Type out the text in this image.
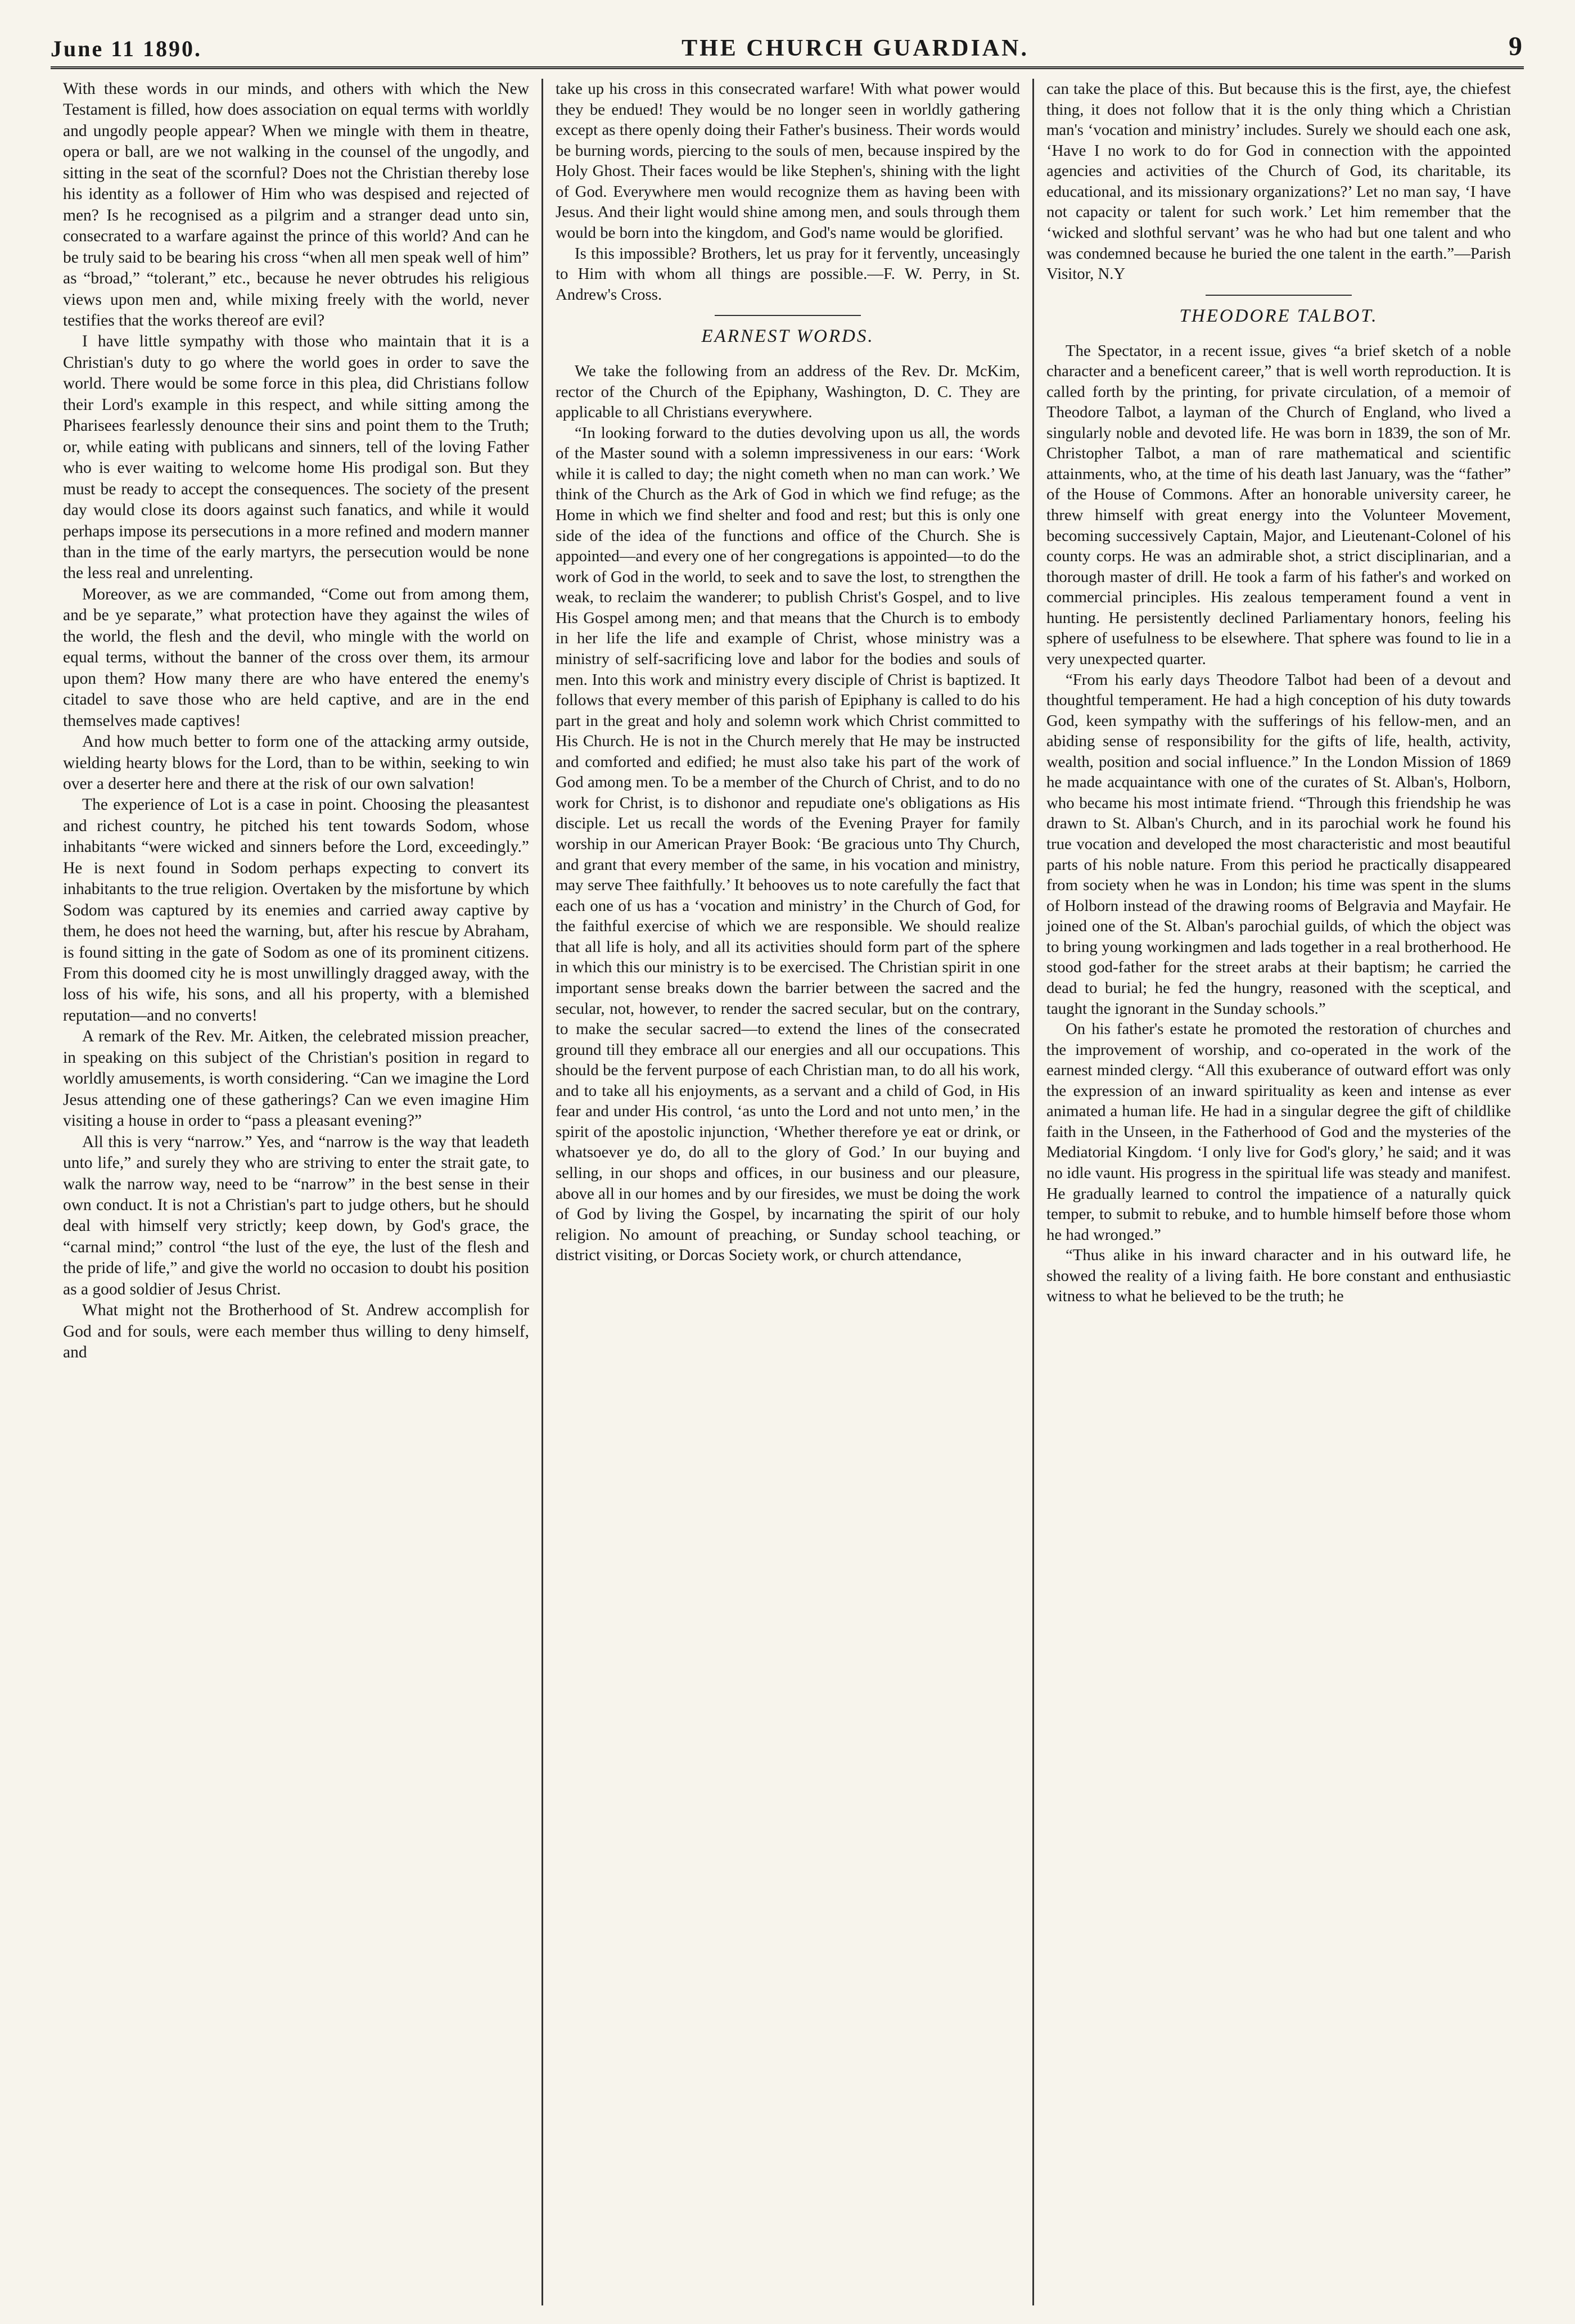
June 11 1890.	THE CHURCH GUARDIAN.	9

With these words in our minds, and others with which the New Testament is filled, how does association on equal terms with worldly and ungodly people appear? When we mingle with them in theatre, opera or ball, are we not walking in the counsel of the ungodly, and sitting in the seat of the scornful? Does not the Christian thereby lose his identity as a follower of Him who was despised and rejected of men? Is he recognised as a pilgrim and a stranger dead unto sin, consecrated to a warfare against the prince of this world? And can he be truly said to be bearing his cross “when all men speak well of him” as “broad,” “tolerant,” etc., because he never obtrudes his religious views upon men and, while mixing freely with the world, never testifies that the works thereof are evil?

I have little sympathy with those who maintain that it is a Christian's duty to go where the world goes in order to save the world. There would be some force in this plea, did Christians follow their Lord's example in this respect, and while sitting among the Pharisees fearlessly denounce their sins and point them to the Truth; or, while eating with publicans and sinners, tell of the loving Father who is ever waiting to welcome home His prodigal son. But they must be ready to accept the consequences. The society of the present day would close its doors against such fanatics, and while it would perhaps impose its persecutions in a more refined and modern manner than in the time of the early martyrs, the persecution would be none the less real and unrelenting.

Moreover, as we are commanded, “Come out from among them, and be ye separate,” what protection have they against the wiles of the world, the flesh and the devil, who mingle with the world on equal terms, without the banner of the cross over them, its armour upon them? How many there are who have entered the enemy's citadel to save those who are held captive, and are in the end themselves made captives!

And how much better to form one of the attacking army outside, wielding hearty blows for the Lord, than to be within, seeking to win over a deserter here and there at the risk of our own salvation!

The experience of Lot is a case in point. Choosing the pleasantest and richest country, he pitched his tent towards Sodom, whose inhabitants “were wicked and sinners before the Lord, exceedingly.” He is next found in Sodom perhaps expecting to convert its inhabitants to the true religion. Overtaken by the misfortune by which Sodom was captured by its enemies and carried away captive by them, he does not heed the warning, but, after his rescue by Abraham, is found sitting in the gate of Sodom as one of its prominent citizens. From this doomed city he is most unwillingly dragged away, with the loss of his wife, his sons, and all his property, with a blemished reputation—and no converts!

A remark of the Rev. Mr. Aitken, the celebrated mission preacher, in speaking on this subject of the Christian's position in regard to worldly amusements, is worth considering. “Can we imagine the Lord Jesus attending one of these gatherings? Can we even imagine Him visiting a house in order to “pass a pleasant evening?”

All this is very “narrow.” Yes, and “narrow is the way that leadeth unto life,” and surely they who are striving to enter the strait gate, to walk the narrow way, need to be “narrow” in the best sense in their own conduct. It is not a Christian's part to judge others, but he should deal with himself very strictly; keep down, by God's grace, the “carnal mind;” control “the lust of the eye, the lust of the flesh and the pride of life,” and give the world no occasion to doubt his position as a good soldier of Jesus Christ.

What might not the Brotherhood of St. Andrew accomplish for God and for souls, were each member thus willing to deny himself, and

take up his cross in this consecrated warfare! With what power would they be endued! They would be no longer seen in worldly gathering except as there openly doing their Father's business. Their words would be burning words, piercing to the souls of men, because inspired by the Holy Ghost. Their faces would be like Stephen's, shining with the light of God. Everywhere men would recognize them as having been with Jesus. And their light would shine among men, and souls through them would be born into the kingdom, and God's name would be glorified.

Is this impossible? Brothers, let us pray for it fervently, unceasingly to Him with whom all things are possible.—F. W. Perry, in St. Andrew's Cross.

EARNEST WORDS.

We take the following from an address of the Rev. Dr. McKim, rector of the Church of the Epiphany, Washington, D. C. They are applicable to all Christians everywhere.

“In looking forward to the duties devolving upon us all, the words of the Master sound with a solemn impressiveness in our ears: ‘Work while it is called to day; the night cometh when no man can work.’ We think of the Church as the Ark of God in which we find refuge; as the Home in which we find shelter and food and rest; but this is only one side of the idea of the functions and office of the Church. She is appointed—and every one of her congregations is appointed—to do the work of God in the world, to seek and to save the lost, to strengthen the weak, to reclaim the wanderer; to publish Christ's Gospel, and to live His Gospel among men; and that means that the Church is to embody in her life the life and example of Christ, whose ministry was a ministry of self-sacrificing love and labor for the bodies and souls of men. Into this work and ministry every disciple of Christ is baptized. It follows that every member of this parish of Epiphany is called to do his part in the great and holy and solemn work which Christ committed to His Church. He is not in the Church merely that He may be instructed and comforted and edified; he must also take his part of the work of God among men. To be a member of the Church of Christ, and to do no work for Christ, is to dishonor and repudiate one's obligations as His disciple. Let us recall the words of the Evening Prayer for family worship in our American Prayer Book: ‘Be gracious unto Thy Church, and grant that every member of the same, in his vocation and ministry, may serve Thee faithfully.’ It behooves us to note carefully the fact that each one of us has a ‘vocation and ministry’ in the Church of God, for the faithful exercise of which we are responsible. We should realize that all life is holy, and all its activities should form part of the sphere in which this our ministry is to be exercised. The Christian spirit in one important sense breaks down the barrier between the sacred and the secular, not, however, to render the sacred secular, but on the contrary, to make the secular sacred—to extend the lines of the consecrated ground till they embrace all our energies and all our occupations. This should be the fervent purpose of each Christian man, to do all his work, and to take all his enjoyments, as a servant and a child of God, in His fear and under His control, ‘as unto the Lord and not unto men,’ in the spirit of the apostolic injunction, ‘Whether therefore ye eat or drink, or whatsoever ye do, do all to the glory of God.’ In our buying and selling, in our shops and offices, in our business and our pleasure, above all in our homes and by our firesides, we must be doing the work of God by living the Gospel, by incarnating the spirit of our holy religion. No amount of preaching, or Sunday school teaching, or district visiting, or Dorcas Society work, or church attendance,

can take the place of this. But because this is the first, aye, the chiefest thing, it does not follow that it is the only thing which a Christian man's ‘vocation and ministry’ includes. Surely we should each one ask, ‘Have I no work to do for God in connection with the appointed agencies and activities of the Church of God, its charitable, its educational, and its missionary organizations?’ Let no man say, ‘I have not capacity or talent for such work.’ Let him remember that the ‘wicked and slothful servant’ was he who had but one talent and who was condemned because he buried the one talent in the earth.”—Parish Visitor, N.Y

THEODORE TALBOT.

The Spectator, in a recent issue, gives “a brief sketch of a noble character and a beneficent career,” that is well worth reproduction. It is called forth by the printing, for private circulation, of a memoir of Theodore Talbot, a layman of the Church of England, who lived a singularly noble and devoted life. He was born in 1839, the son of Mr. Christopher Talbot, a man of rare mathematical and scientific attainments, who, at the time of his death last January, was the “father” of the House of Commons. After an honorable university career, he threw himself with great energy into the Volunteer Movement, becoming successively Captain, Major, and Lieutenant-Colonel of his county corps. He was an admirable shot, a strict disciplinarian, and a thorough master of drill. He took a farm of his father's and worked on commercial principles. His zealous temperament found a vent in hunting. He persistently declined Parliamentary honors, feeling his sphere of usefulness to be elsewhere. That sphere was found to lie in a very unexpected quarter.

“From his early days Theodore Talbot had been of a devout and thoughtful temperament. He had a high conception of his duty towards God, keen sympathy with the sufferings of his fellow-men, and an abiding sense of responsibility for the gifts of life, health, activity, wealth, position and social influence.” In the London Mission of 1869 he made acquaintance with one of the curates of St. Alban's, Holborn, who became his most intimate friend. “Through this friendship he was drawn to St. Alban's Church, and in its parochial work he found his true vocation and developed the most characteristic and most beautiful parts of his noble nature. From this period he practically disappeared from society when he was in London; his time was spent in the slums of Holborn instead of the drawing rooms of Belgravia and Mayfair. He joined one of the St. Alban's parochial guilds, of which the object was to bring young workingmen and lads together in a real brotherhood. He stood god-father for the street arabs at their baptism; he carried the dead to burial; he fed the hungry, reasoned with the sceptical, and taught the ignorant in the Sunday schools.”

On his father's estate he promoted the restoration of churches and the improvement of worship, and co-operated in the work of the earnest minded clergy. “All this exuberance of outward effort was only the expression of an inward spirituality as keen and intense as ever animated a human life. He had in a singular degree the gift of childlike faith in the Unseen, in the Fatherhood of God and the mysteries of the Mediatorial Kingdom. ‘I only live for God's glory,’ he said; and it was no idle vaunt. His progress in the spiritual life was steady and manifest. He gradually learned to control the impatience of a naturally quick temper, to submit to rebuke, and to humble himself before those whom he had wronged.”

“Thus alike in his inward character and in his outward life, he showed the reality of a living faith. He bore constant and enthusiastic witness to what he believed to be the truth; he
